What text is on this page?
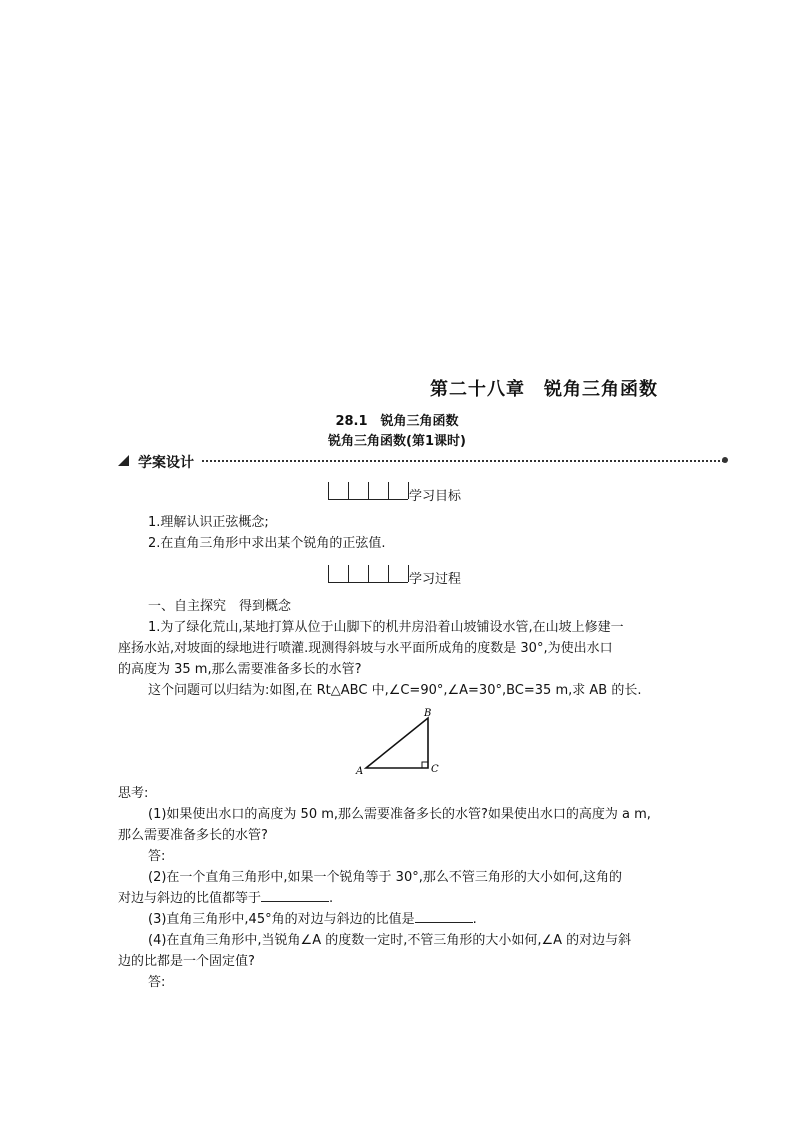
第二十八章　锐角三角函数
28.1　锐角三角函数
锐角三角函数(第1课时)
学案设计
学习目标
1.理解认识正弦概念;
2.在直角三角形中求出某个锐角的正弦值.
学习过程
一、自主探究　得到概念
1.为了绿化荒山,某地打算从位于山脚下的机井房沿着山坡铺设水管,在山坡上修建一
座扬水站,对坡面的绿地进行喷灌.现测得斜坡与水平面所成角的度数是 30°,为使出水口
的高度为 35 m,那么需要准备多长的水管?
这个问题可以归结为:如图,在 Rt△ABC 中,∠C=90°,∠A=30°,BC=35 m,求 AB 的长.
A
B
C
思考:
(1)如果使出水口的高度为 50 m,那么需要准备多长的水管?如果使出水口的高度为 a m,
那么需要准备多长的水管?
答:
(2)在一个直角三角形中,如果一个锐角等于 30°,那么不管三角形的大小如何,这角的
对边与斜边的比值都等于	.
(3)直角三角形中,45°角的对边与斜边的比值是	.
(4)在直角三角形中,当锐角∠A 的度数一定时,不管三角形的大小如何,∠A 的对边与斜
边的比都是一个固定值?
答:
